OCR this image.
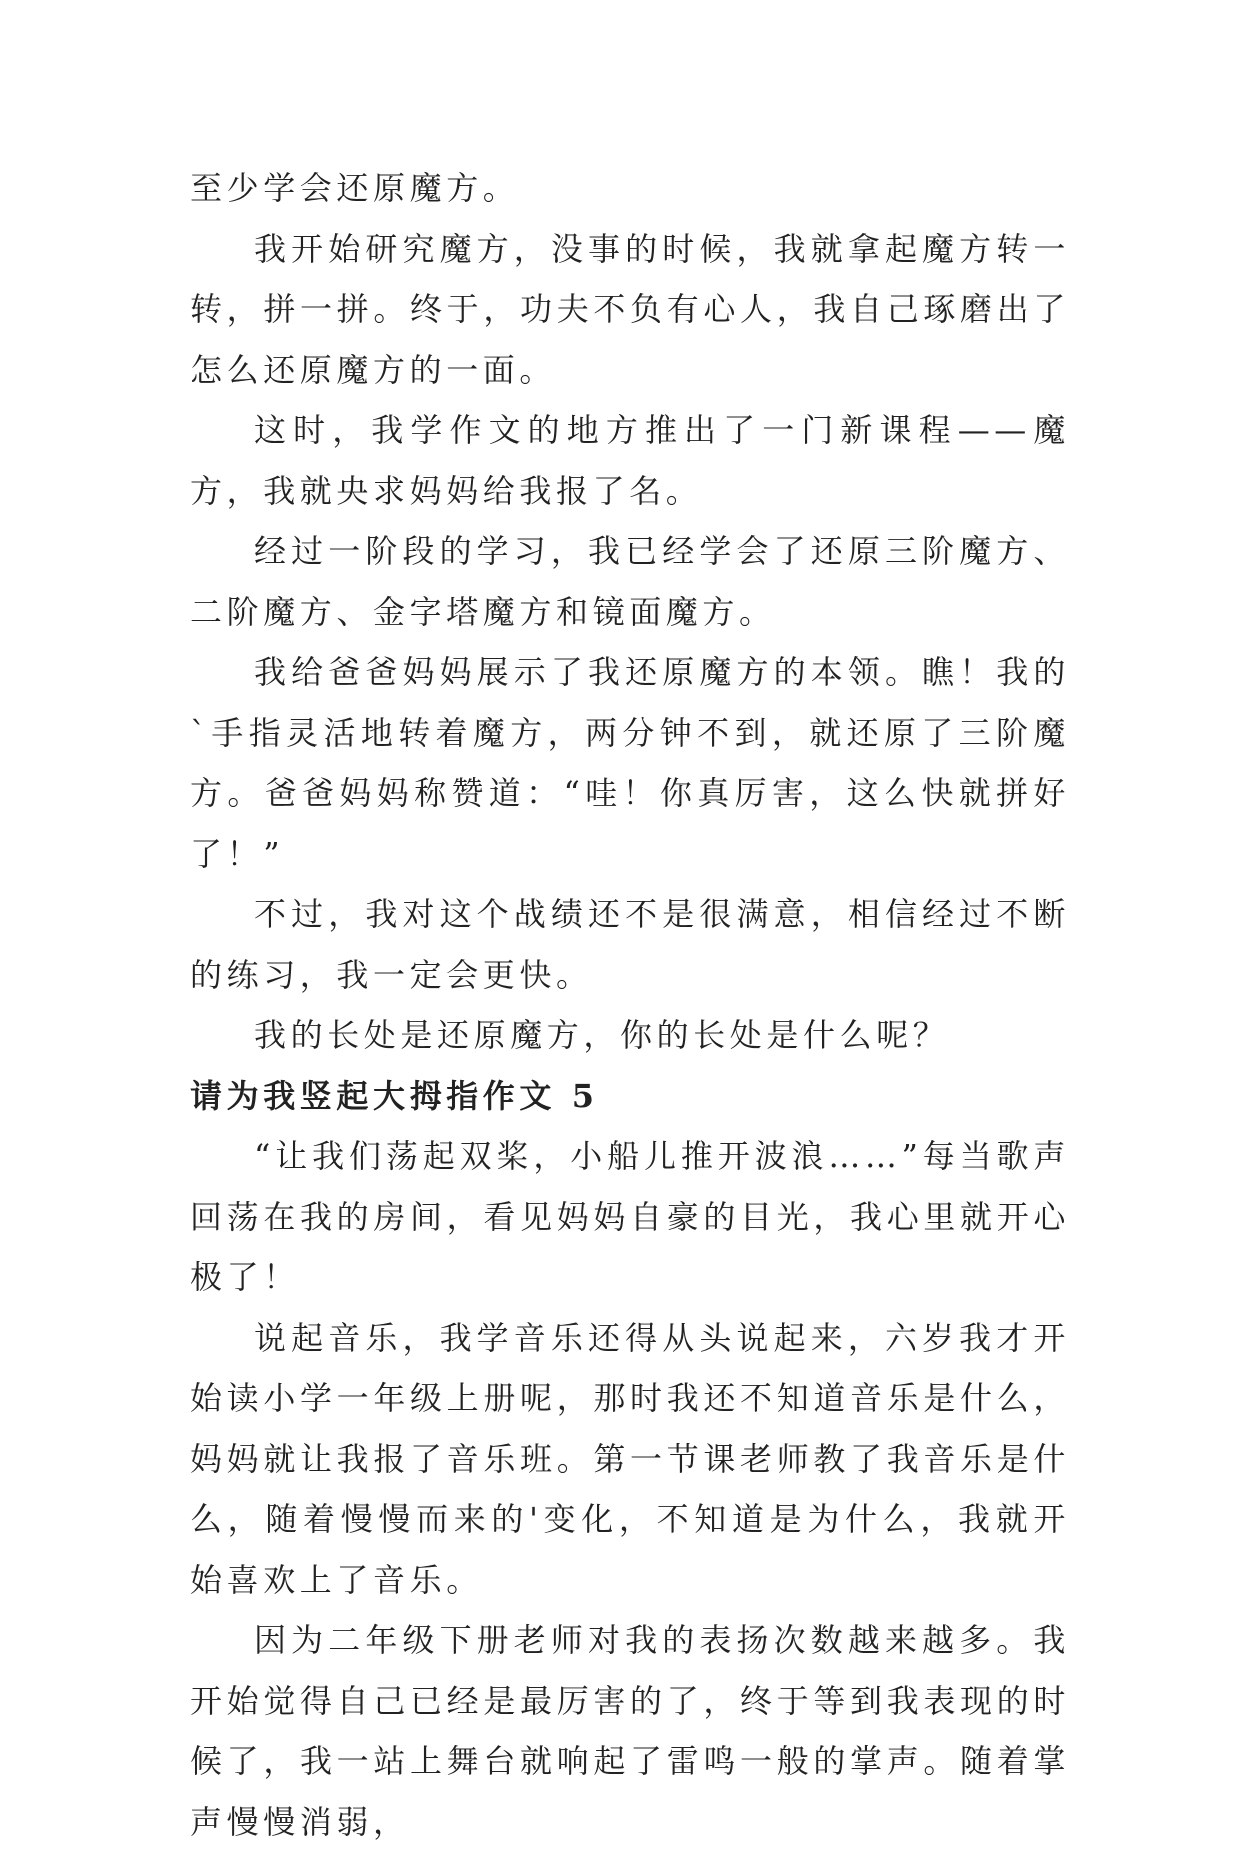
至少学会还原魔方。

我开始研究魔方，没事的时候，我就拿起魔方转一转，拼一拼。终于，功夫不负有心人，我自己琢磨出了怎么还原魔方的一面。

这时，我学作文的地方推出了一门新课程——魔方，我就央求妈妈给我报了名。

经过一阶段的学习，我已经学会了还原三阶魔方、二阶魔方、金字塔魔方和镜面魔方。

我给爸爸妈妈展示了我还原魔方的本领。瞧！我的`手指灵活地转着魔方，两分钟不到，就还原了三阶魔方。爸爸妈妈称赞道：“哇！你真厉害，这么快就拼好了！”

不过，我对这个战绩还不是很满意，相信经过不断的练习，我一定会更快。

我的长处是还原魔方，你的长处是什么呢？

请为我竖起大拇指作文 5

“让我们荡起双桨，小船儿推开波浪……”每当歌声回荡在我的房间，看见妈妈自豪的目光，我心里就开心极了！

说起音乐，我学音乐还得从头说起来，六岁我才开始读小学一年级上册呢，那时我还不知道音乐是什么，妈妈就让我报了音乐班。第一节课老师教了我音乐是什么，随着慢慢而来的'变化，不知道是为什么，我就开始喜欢上了音乐。

因为二年级下册老师对我的表扬次数越来越多。我开始觉得自己已经是最厉害的了，终于等到我表现的时候了，我一站上舞台就响起了雷鸣一般的掌声。随着掌声慢慢消弱，
